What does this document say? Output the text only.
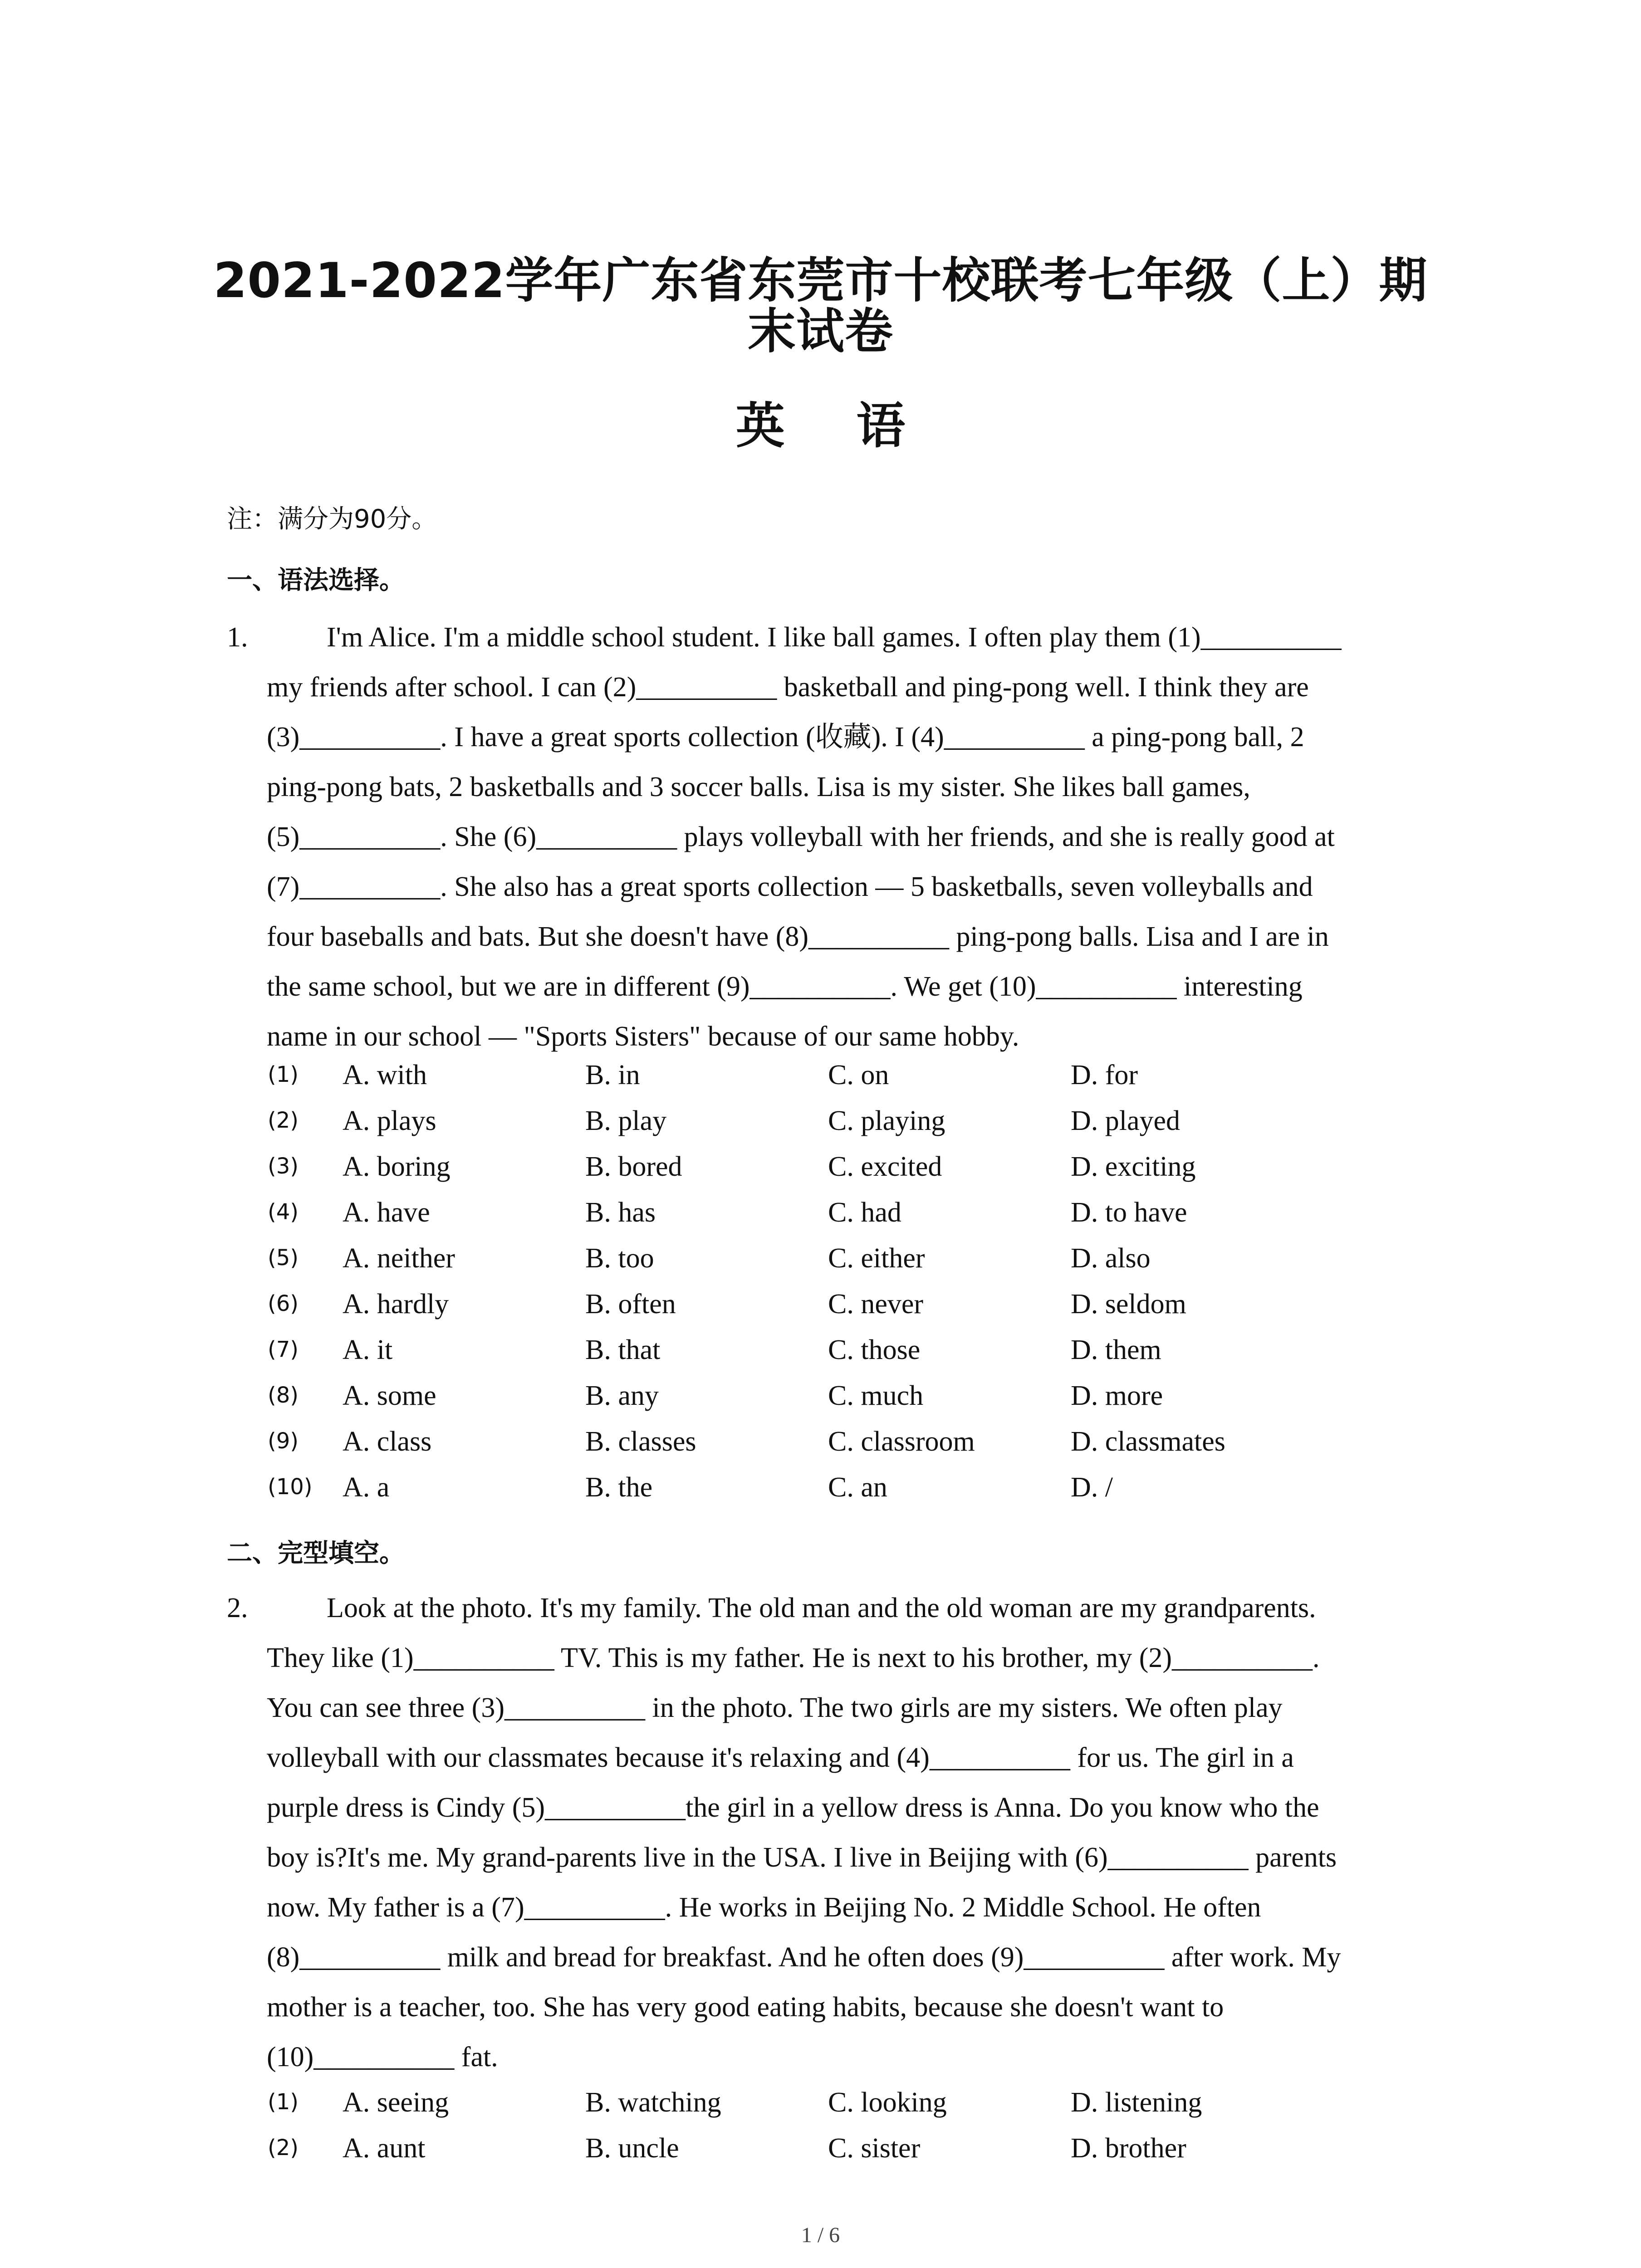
2021-2022学年广东省东莞市十校联考七年级（上）期
末试卷
英 语
注：满分为90分。
一、语法选择。
1.	I'm Alice. I'm a middle school student. I like ball games. I often play them (1)__________
my friends after school. I can (2)__________ basketball and ping-pong well. I think they are
(3)__________. I have a great sports collection (收藏). I (4)__________ a ping-pong ball, 2
ping-pong bats, 2 basketballs and 3 soccer balls. Lisa is my sister. She likes ball games,
(5)__________. She (6)__________ plays volleyball with her friends, and she is really good at
(7)__________. She also has a great sports collection — 5 basketballs, seven volleyballs and
four baseballs and bats. But she doesn't have (8)__________ ping-pong balls. Lisa and I are in
the same school, but we are in different (9)__________. We get (10)__________ interesting
name in our school — "Sports Sisters" because of our same hobby.
(1) A. with	B. in	C. on	D. for
(2) A. plays	B. play	C. playing	D. played
(3) A. boring	B. bored	C. excited	D. exciting
(4) A. have	B. has	C. had	D. to have
(5) A. neither	B. too	C. either	D. also
(6) A. hardly	B. often	C. never	D. seldom
(7) A. it	B. that	C. those	D. them
(8) A. some	B. any	C. much	D. more
(9) A. class	B. classes	C. classroom	D. classmates
(10) A. a	B. the	C. an	D. /
二、完型填空。
2.	Look at the photo. It's my family. The old man and the old woman are my grandparents.
They like (1)__________ TV. This is my father. He is next to his brother, my (2)__________.
You can see three (3)__________ in the photo. The two girls are my sisters. We often play
volleyball with our classmates because it's relaxing and (4)__________ for us. The girl in a
purple dress is Cindy (5)__________the girl in a yellow dress is Anna. Do you know who the
boy is?It's me. My grand-parents live in the USA. I live in Beijing with (6)__________ parents
now. My father is a (7)__________. He works in Beijing No. 2 Middle School. He often
(8)__________ milk and bread for breakfast. And he often does (9)__________ after work. My
mother is a teacher, too. She has very good eating habits, because she doesn't want to
(10)__________ fat.
(1) A. seeing	B. watching	C. looking	D. listening
(2) A. aunt	B. uncle	C. sister	D. brother
1 / 6
